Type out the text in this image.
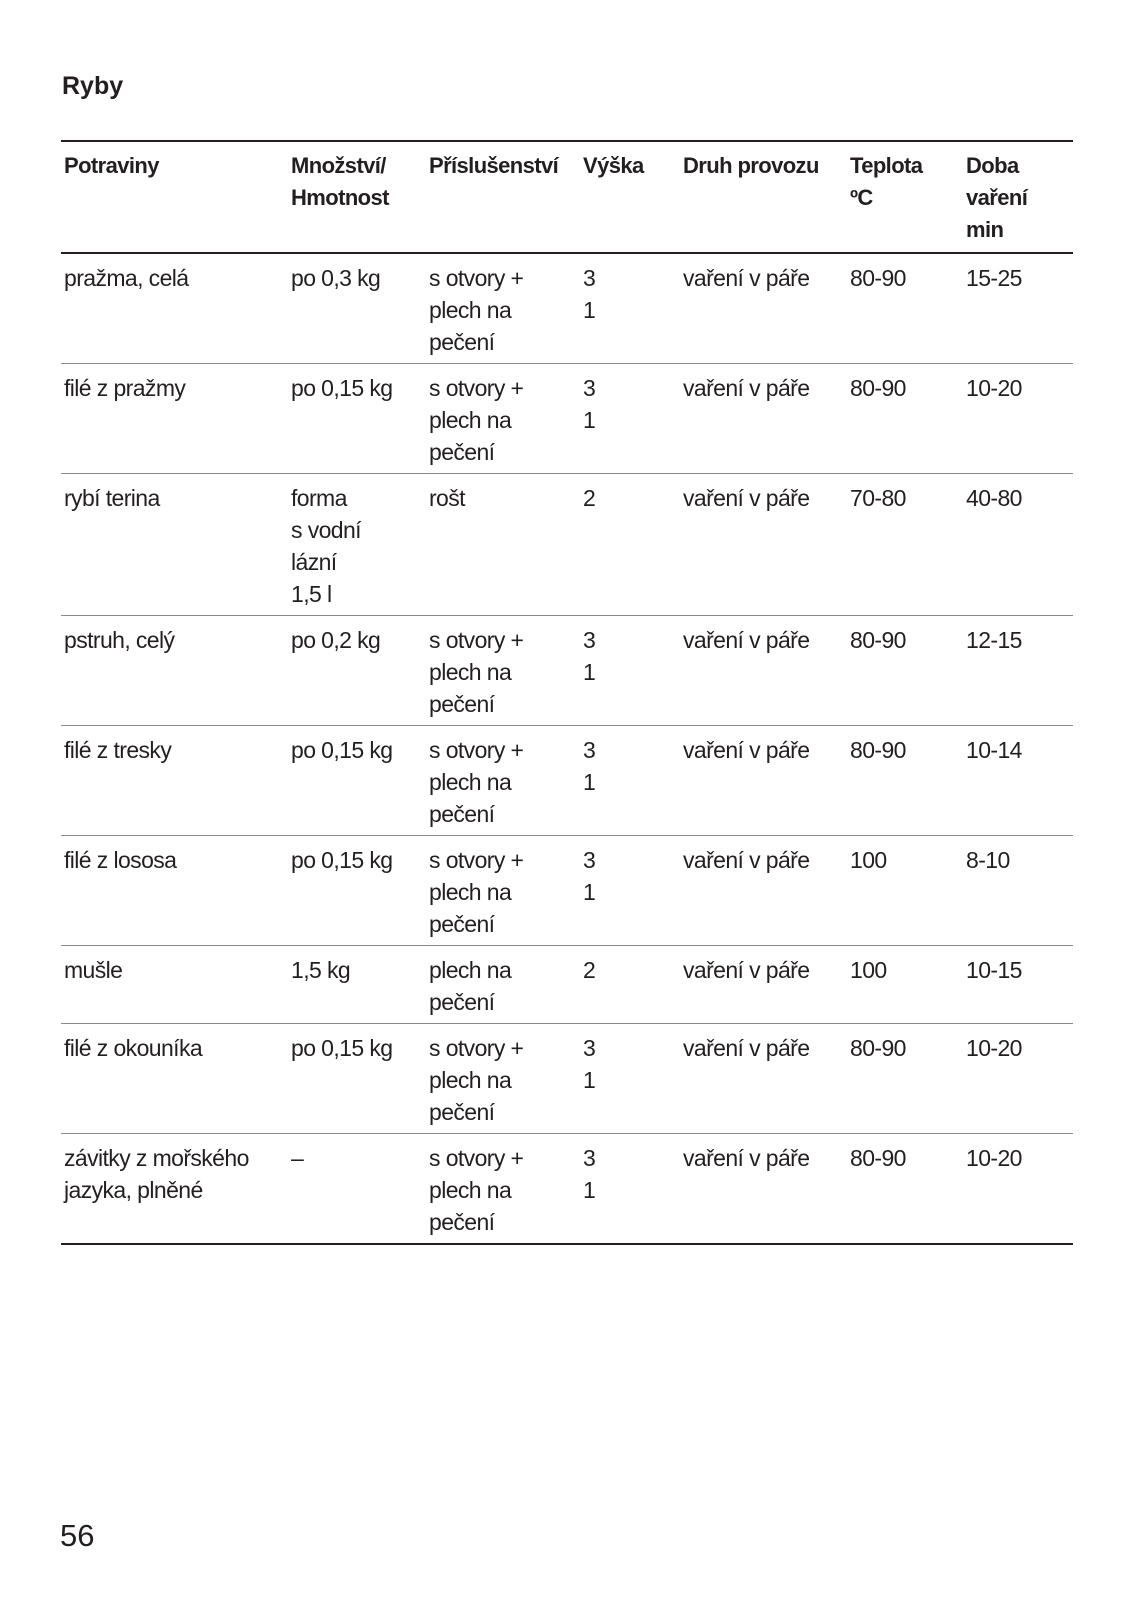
Ryby
Potraviny	Množství/
Hmotnost	Příslušenství	Výška	Druh provozu	Teplota
ºC	Doba
vaření
min

pražma, celá	po 0,3 kg	s otvory +
plech na
pečení	3
1	vaření v páře	80-90	15-25

filé z pražmy	po 0,15 kg	s otvory +
plech na
pečení	3
1	vaření v páře	80-90	10-20

rybí terina	forma
s vodní
lázní
1,5 l	rošt	2	vaření v páře	70-80	40-80

pstruh, celý	po 0,2 kg	s otvory +
plech na
pečení	3
1	vaření v páře	80-90	12-15

filé z tresky	po 0,15 kg	s otvory +
plech na
pečení	3
1	vaření v páře	80-90	10-14

filé z lososa	po 0,15 kg	s otvory +
plech na
pečení	3
1	vaření v páře	100	8-10

mušle	1,5 kg	plech na
pečení	2	vaření v páře	100	10-15

filé z okouníka	po 0,15 kg	s otvory +
plech na
pečení	3
1	vaření v páře	80-90	10-20

závitky z mořského
jazyka, plněné	–	s otvory +
plech na
pečení	3
1	vaření v páře	80-90	10-20
56
